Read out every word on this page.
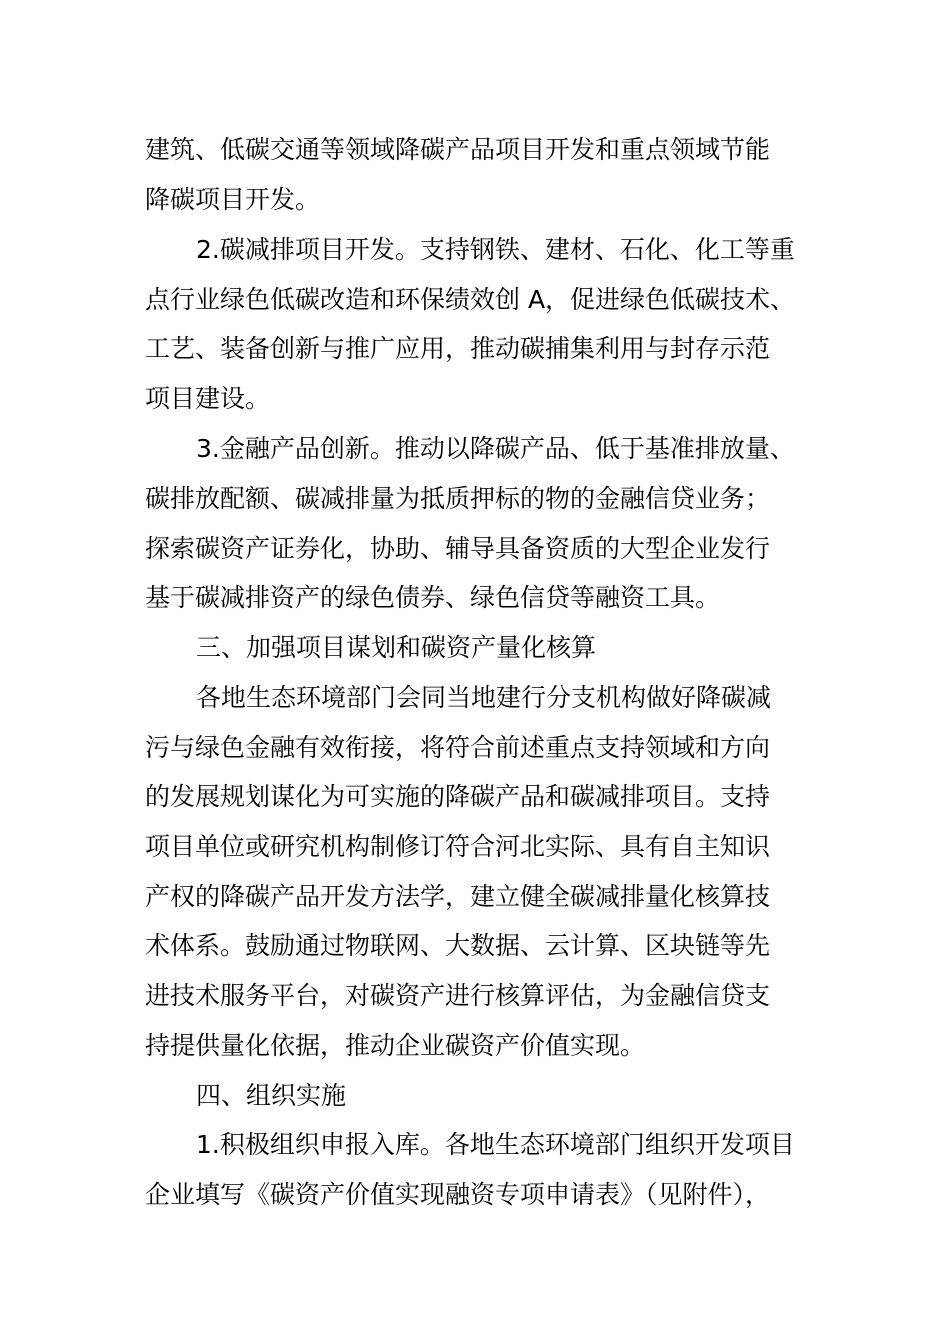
建筑、低碳交通等领域降碳产品项目开发和重点领域节能
降碳项目开发。
2.碳减排项目开发。支持钢铁、建材、石化、化工等重
点行业绿色低碳改造和环保绩效创 A，促进绿色低碳技术、
工艺、装备创新与推广应用，推动碳捕集利用与封存示范
项目建设。
3.金融产品创新。推动以降碳产品、低于基准排放量、
碳排放配额、碳减排量为抵质押标的物的金融信贷业务；
探索碳资产证券化，协助、辅导具备资质的大型企业发行
基于碳减排资产的绿色债券、绿色信贷等融资工具。
三、加强项目谋划和碳资产量化核算
各地生态环境部门会同当地建行分支机构做好降碳减
污与绿色金融有效衔接，将符合前述重点支持领域和方向
的发展规划谋化为可实施的降碳产品和碳减排项目。支持
项目单位或研究机构制修订符合河北实际、具有自主知识
产权的降碳产品开发方法学，建立健全碳减排量化核算技
术体系。鼓励通过物联网、大数据、云计算、区块链等先
进技术服务平台，对碳资产进行核算评估，为金融信贷支
持提供量化依据，推动企业碳资产价值实现。
四、组织实施
1.积极组织申报入库。各地生态环境部门组织开发项目
企业填写《碳资产价值实现融资专项申请表》（见附件），
